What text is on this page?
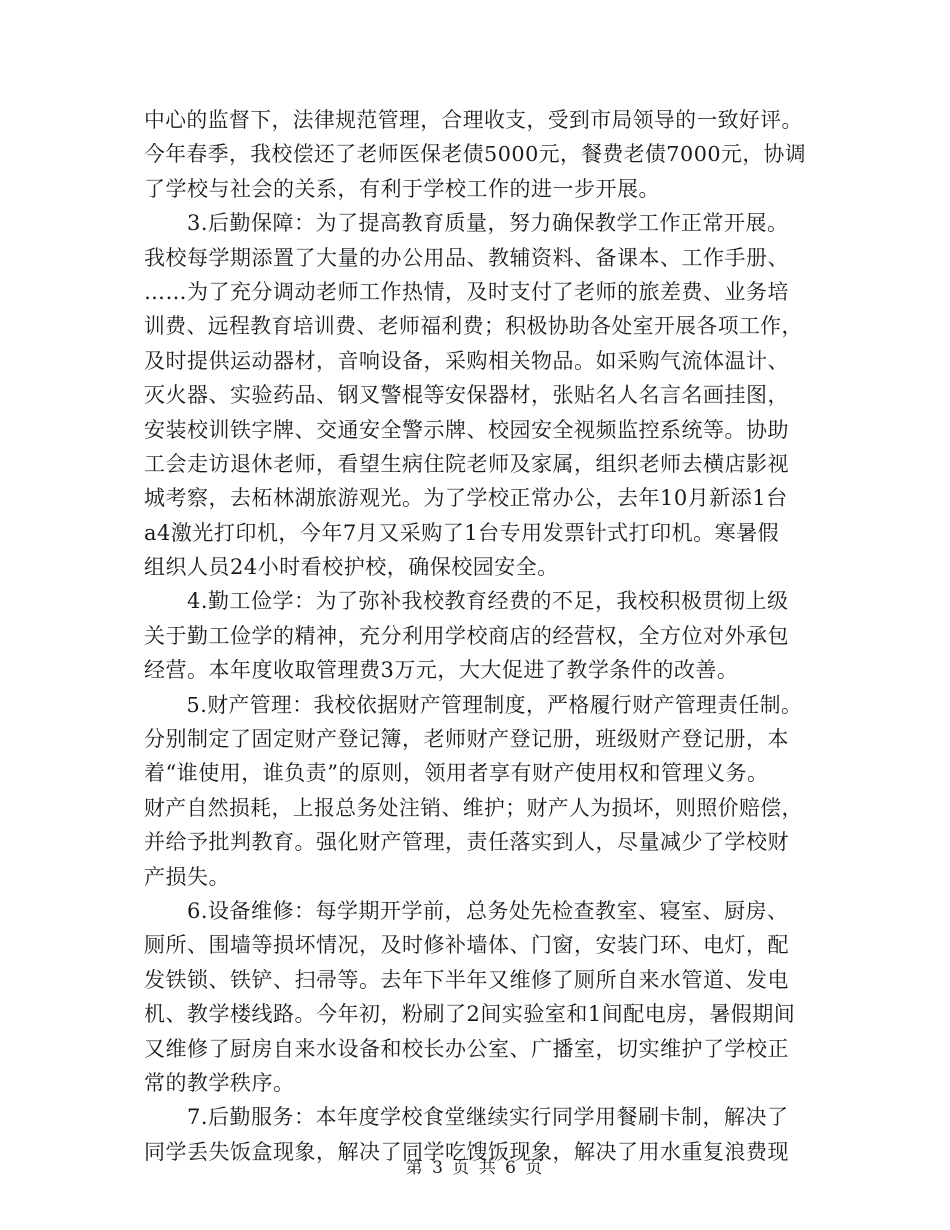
中心的监督下，法律规范管理，合理收支，受到市局领导的一致好评。
今年春季，我校偿还了老师医保老债5000元，餐费老债7000元，协调
了学校与社会的关系，有利于学校工作的进一步开展。
　　3.后勤保障：为了提高教育质量，努力确保教学工作正常开展。
我校每学期添置了大量的办公用品、教辅资料、备课本、工作手册、
……为了充分调动老师工作热情，及时支付了老师的旅差费、业务培
训费、远程教育培训费、老师福利费；积极协助各处室开展各项工作，
及时提供运动器材，音响设备，采购相关物品。如采购气流体温计、
灭火器、实验药品、钢叉警棍等安保器材，张贴名人名言名画挂图，
安装校训铁字牌、交通安全警示牌、校园安全视频监控系统等。协助
工会走访退休老师，看望生病住院老师及家属，组织老师去横店影视
城考察，去柘林湖旅游观光。为了学校正常办公，去年10月新添1台
a4激光打印机，今年7月又采购了1台专用发票针式打印机。寒暑假
组织人员24小时看校护校，确保校园安全。
　　4.勤工俭学：为了弥补我校教育经费的不足，我校积极贯彻上级
关于勤工俭学的精神，充分利用学校商店的经营权，全方位对外承包
经营。本年度收取管理费3万元，大大促进了教学条件的改善。
　　5.财产管理：我校依据财产管理制度，严格履行财产管理责任制。
分别制定了固定财产登记簿，老师财产登记册，班级财产登记册，本
着“谁使用，谁负责”的原则，领用者享有财产使用权和管理义务。
财产自然损耗，上报总务处注销、维护；财产人为损坏，则照价赔偿，
并给予批判教育。强化财产管理，责任落实到人，尽量减少了学校财
产损失。
　　6.设备维修：每学期开学前，总务处先检查教室、寝室、厨房、
厕所、围墙等损坏情况，及时修补墙体、门窗，安装门环、电灯，配
发铁锁、铁铲、扫帚等。去年下半年又维修了厕所自来水管道、发电
机、教学楼线路。今年初，粉刷了2间实验室和1间配电房，暑假期间
又维修了厨房自来水设备和校长办公室、广播室，切实维护了学校正
常的教学秩序。
　　7.后勤服务：本年度学校食堂继续实行同学用餐刷卡制，解决了
同学丢失饭盒现象，解决了同学吃馊饭现象，解决了用水重复浪费现
第 3 页 共 6 页
